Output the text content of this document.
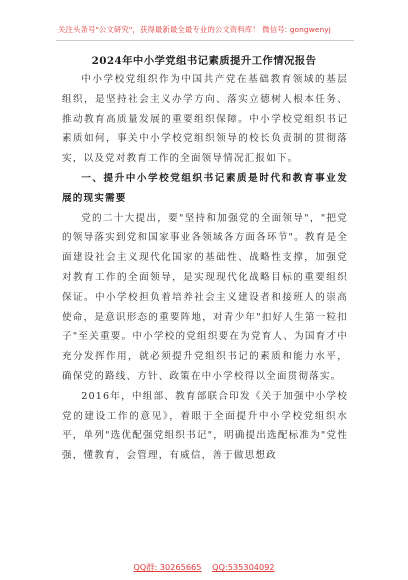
关注头条号"公文研究"，获得最新最全最专业的公文资料库！ 微信号: gongwenyj
2024年中小学党组书记素质提升工作情况报告

中小学校党组织作为中国共产党在基础教育领域的基层组织，是坚持社会主义办学方向、落实立德树人根本任务、推动教育高质量发展的重要组织保障。中小学校党组织书记素质如何，事关中小学校党组织领导的校长负责制的贯彻落实，以及党对教育工作的全面领导情况汇报如下。

一、提升中小学校党组织书记素质是时代和教育事业发展的现实需要

党的二十大提出，要"坚持和加强党的全面领导"，"把党的领导落实到党和国家事业各领域各方面各环节"。教育是全面建设社会主义现代化国家的基础性、战略性支撑，加强党对教育工作的全面领导，是实现现代化战略目标的重要组织保证。中小学校担负着培养社会主义建设者和接班人的崇高使命，是意识形态的重要阵地，对青少年"扣好人生第一粒扣子"至关重要。中小学校的党组织要在为党育人、为国育才中充分发挥作用，就必须提升党组织书记的素质和能力水平，确保党的路线、方针、政策在中小学校得以全面贯彻落实。

2016年，中组部、教育部联合印发《关于加强中小学校党的建设工作的意见》，着眼于全面提升中小学校党组织水平，单列"选优配强党组织书记"，明确提出选配标准为"党性强，懂教育，会管理，有威信，善于做思想政

QQ群: 30265665 QQ:535304092
